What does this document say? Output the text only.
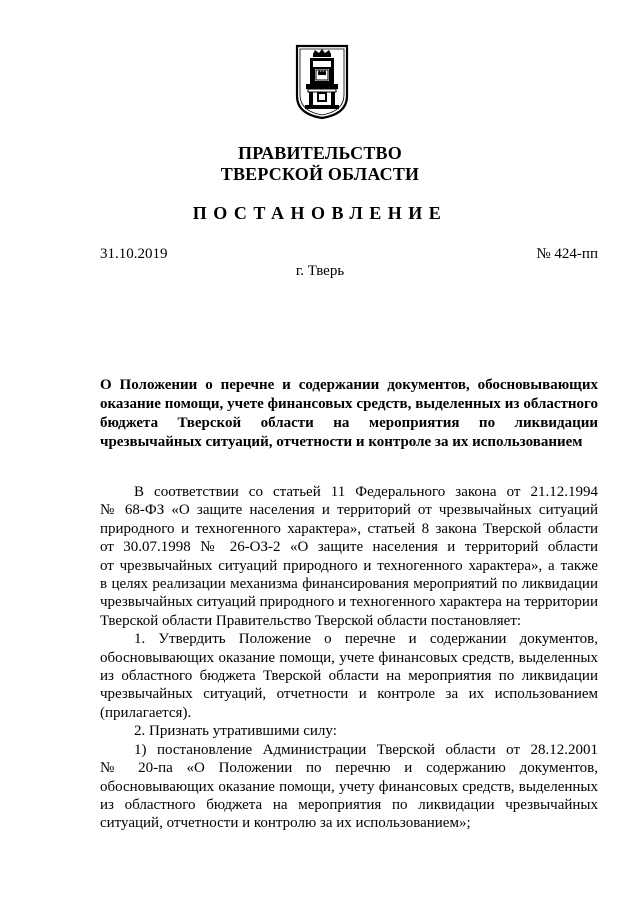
ПРАВИТЕЛЬСТВО
ТВЕРСКОЙ ОБЛАСТИ
ПОСТАНОВЛЕНИЕ
31.10.2019	№ 424-пп
г. Тверь
О Положении о перечне и содержании документов, обосновывающих
оказание помощи, учете финансовых средств, выделенных из областного
бюджета Тверской области на мероприятия по ликвидации
чрезвычайных ситуаций, отчетности и контроле за их использованием
В соответствии со статьей 11 Федерального закона от 21.12.1994
№ 68-ФЗ «О защите населения и территорий от чрезвычайных ситуаций
природного и техногенного характера», статьей 8 закона Тверской области
от 30.07.1998 № 26-ОЗ-2 «О защите населения и территорий области
от чрезвычайных ситуаций природного и техногенного характера», а также
в целях реализации механизма финансирования мероприятий по ликвидации
чрезвычайных ситуаций природного и техногенного характера на территории
Тверской области Правительство Тверской области постановляет:
1. Утвердить Положение о перечне и содержании документов,
обосновывающих оказание помощи, учете финансовых средств, выделенных
из областного бюджета Тверской области на мероприятия по ликвидации
чрезвычайных ситуаций, отчетности и контроле за их использованием
(прилагается).
2. Признать утратившими силу:
1) постановление Администрации Тверской области от 28.12.2001
№ 20-па «О Положении по перечню и содержанию документов,
обосновывающих оказание помощи, учету финансовых средств, выделенных
из областного бюджета на мероприятия по ликвидации чрезвычайных
ситуаций, отчетности и контролю за их использованием»;
